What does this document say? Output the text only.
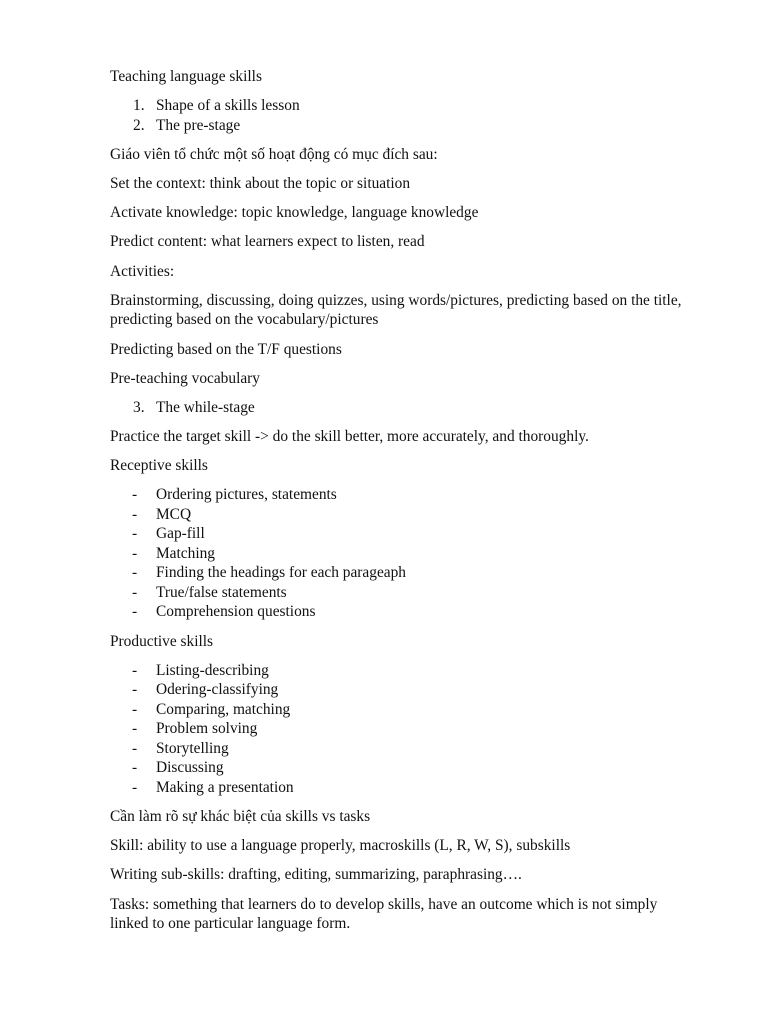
Teaching language skills

1. Shape of a skills lesson
2. The pre-stage

Giáo viên tổ chức một số hoạt động có mục đích sau:

Set the context: think about the topic or situation

Activate knowledge: topic knowledge, language knowledge

Predict content: what learners expect to listen, read

Activities:

Brainstorming, discussing, doing quizzes, using words/pictures, predicting based on the title, predicting based on the vocabulary/pictures

Predicting based on the T/F questions

Pre-teaching vocabulary

3. The while-stage

Practice the target skill -> do the skill better, more accurately, and thoroughly.

Receptive skills

- Ordering pictures, statements
- MCQ
- Gap-fill
- Matching
- Finding the headings for each parageaph
- True/false statements
- Comprehension questions

Productive skills

- Listing-describing
- Odering-classifying
- Comparing, matching
- Problem solving
- Storytelling
- Discussing
- Making a presentation

Cần làm rõ sự khác biệt của skills vs tasks

Skill: ability to use a language properly, macroskills (L, R, W, S), subskills

Writing sub-skills: drafting, editing, summarizing, paraphrasing….

Tasks: something that learners do to develop skills, have an outcome which is not simply linked to one particular language form.
